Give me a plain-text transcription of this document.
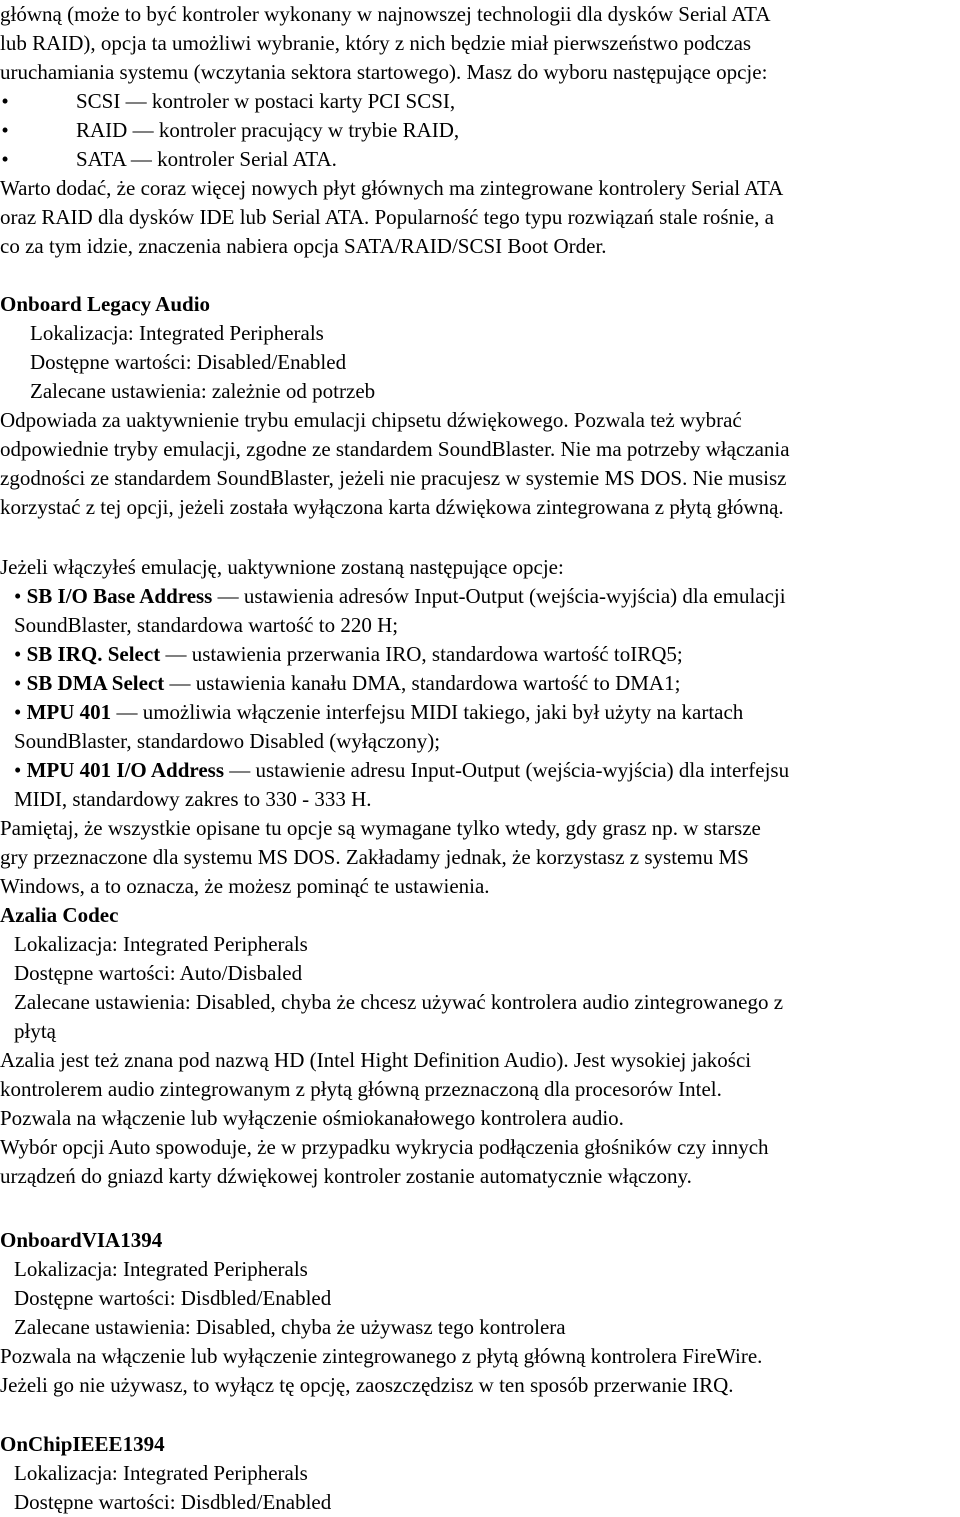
główną (może to być kontroler wykonany w najnowszej technologii dla dysków Serial ATA
lub RAID), opcja ta umożliwi wybranie, który z nich będzie miał pierwszeństwo podczas
uruchamiania systemu (wczytania sektora startowego). Masz do wyboru następujące opcje:
•	SCSI — kontroler w postaci karty PCI SCSI,
•	RAID — kontroler pracujący w trybie RAID,
•	SATA — kontroler Serial ATA.
Warto dodać, że coraz więcej nowych płyt głównych ma zintegrowane kontrolery Serial ATA
oraz RAID dla dysków IDE lub Serial ATA. Popularność tego typu rozwiązań stale rośnie, a
co za tym idzie, znaczenia nabiera opcja SATA/RAID/SCSI Boot Order.
Onboard Legacy Audio
Lokalizacja: Integrated Peripherals
Dostępne wartości: Disabled/Enabled
Zalecane ustawienia: zależnie od potrzeb
Odpowiada za uaktywnienie trybu emulacji chipsetu dźwiękowego. Pozwala też wybrać
odpowiednie tryby emulacji, zgodne ze standardem SoundBlaster. Nie ma potrzeby włączania
zgodności ze standardem SoundBlaster, jeżeli nie pracujesz w systemie MS DOS. Nie musisz
korzystać z tej opcji, jeżeli została wyłączona karta dźwiękowa zintegrowana z płytą główną.
Jeżeli włączyłeś emulację, uaktywnione zostaną następujące opcje:
• SB I/O Base Address — ustawienia adresów Input-Output (wejścia-wyjścia) dla emulacji
SoundBlaster, standardowa wartość to 220 H;
• SB IRQ. Select — ustawienia przerwania IRO, standardowa wartość toIRQ5;
• SB DMA Select — ustawienia kanału DMA, standardowa wartość to DMA1;
• MPU 401 — umożliwia włączenie interfejsu MIDI takiego, jaki był użyty na kartach
SoundBlaster, standardowo Disabled (wyłączony);
• MPU 401 I/O Address — ustawienie adresu Input-Output (wejścia-wyjścia) dla interfejsu
MIDI, standardowy zakres to 330 - 333 H.
Pamiętaj, że wszystkie opisane tu opcje są wymagane tylko wtedy, gdy grasz np. w starsze
gry przeznaczone dla systemu MS DOS. Zakładamy jednak, że korzystasz z systemu MS
Windows, a to oznacza, że możesz pominąć te ustawienia.
Azalia Codec
Lokalizacja: Integrated Peripherals
Dostępne wartości: Auto/Disbaled
Zalecane ustawienia: Disabled, chyba że chcesz używać kontrolera audio zintegrowanego z
płytą
Azalia jest też znana pod nazwą HD (Intel Hight Definition Audio). Jest wysokiej jakości
kontrolerem audio zintegrowanym z płytą główną przeznaczoną dla procesorów Intel.
Pozwala na włączenie lub wyłączenie ośmiokanałowego kontrolera audio.
Wybór opcji Auto spowoduje, że w przypadku wykrycia podłączenia głośników czy innych
urządzeń do gniazd karty dźwiękowej kontroler zostanie automatycznie włączony.
OnboardVIA1394
Lokalizacja: Integrated Peripherals
Dostępne wartości: Disdbled/Enabled
Zalecane ustawienia: Disabled, chyba że używasz tego kontrolera
Pozwala na włączenie lub wyłączenie zintegrowanego z płytą główną kontrolera FireWire.
Jeżeli go nie używasz, to wyłącz tę opcję, zaoszczędzisz w ten sposób przerwanie IRQ.
OnChipIEEE1394
Lokalizacja: Integrated Peripherals
Dostępne wartości: Disdbled/Enabled
